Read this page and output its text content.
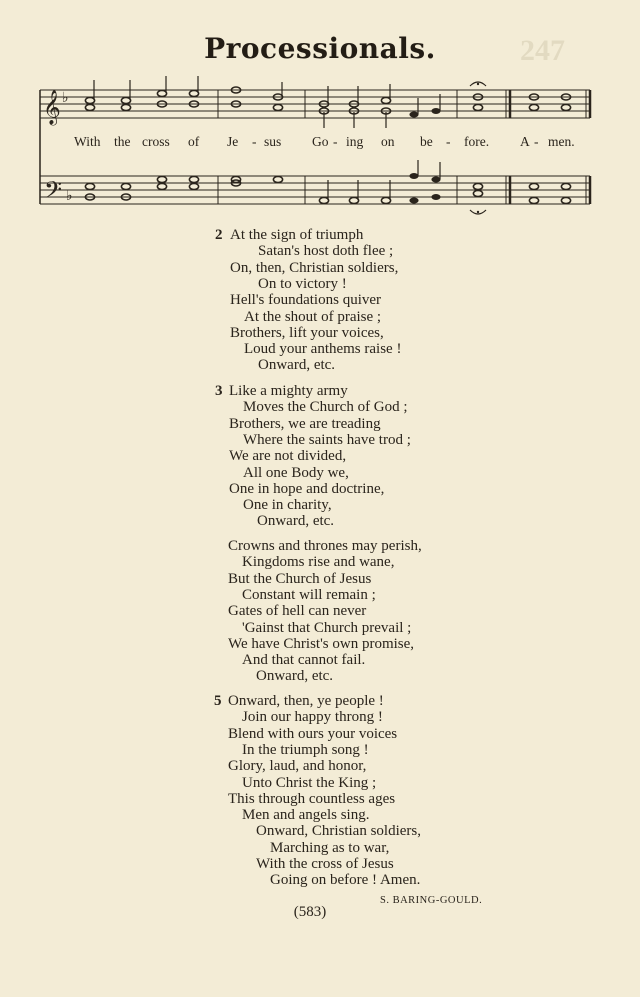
247
Processionals.
𝄞 ♭
𝄢 ♭
With the cross of Je - sus Go - ing on be - fore. A - men.
2 At the sign of triumph
Satan's host doth flee ;
On, then, Christian soldiers,
On to victory !
Hell's foundations quiver
At the shout of praise ;
Brothers, lift your voices,
Loud your anthems raise !
Onward, etc.
3 Like a mighty army
Moves the Church of God ;
Brothers, we are treading
Where the saints have trod ;
We are not divided,
All one Body we,
One in hope and doctrine,
One in charity,
Onward, etc.
Crowns and thrones may perish,
Kingdoms rise and wane,
But the Church of Jesus
Constant will remain ;
Gates of hell can never
'Gainst that Church prevail ;
We have Christ's own promise,
And that cannot fail.
Onward, etc.
5 Onward, then, ye people !
Join our happy throng !
Blend with ours your voices
In the triumph song !
Glory, laud, and honor,
Unto Christ the King ;
This through countless ages
Men and angels sing.
Onward, Christian soldiers,
Marching as to war,
With the cross of Jesus
Going on before ! Amen.
S. BARING-GOULD.
(583)
